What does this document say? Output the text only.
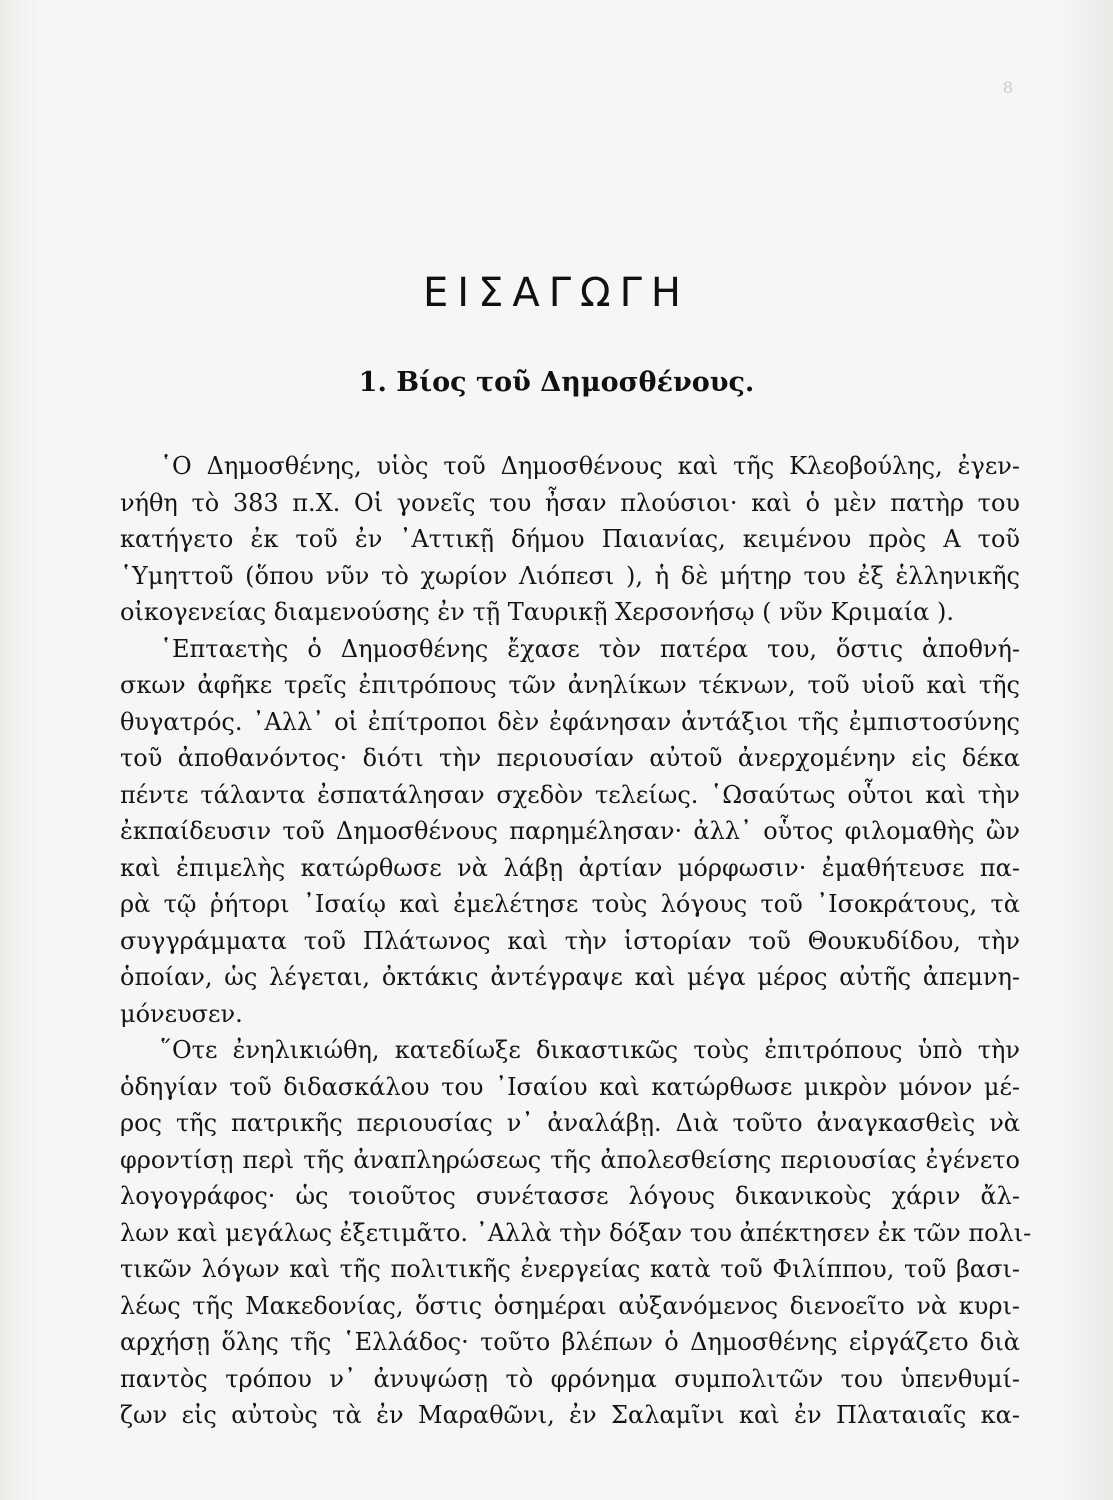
8
ΕΙΣΑΓΩΓΗ
1. Βίος τοῦ Δημοσθένους.
῾Ο Δημοσθένης, υἱὸς τοῦ Δημοσθένους καὶ τῆς Κλεοβούλης, ἐγεν-
νήθη τὸ 383 π.Χ. Οἱ γονεῖς του ἦσαν πλούσιοι· καὶ ὁ μὲν πατὴρ του
κατήγετο ἐκ τοῦ ἐν ᾿Αττικῇ δήμου Παιανίας, κειμένου πρὸς Α τοῦ
῾Υμηττοῦ (ὅπου νῦν τὸ χωρίον Λιόπεσι ), ἡ δὲ μήτηρ του ἐξ ἑλληνικῆς
οἰκογενείας διαμενούσης ἐν τῇ Ταυρικῇ Χερσονήσῳ ( νῦν Κριμαία ).
῾Επταετὴς ὁ Δημοσθένης ἔχασε τὸν πατέρα του, ὅστις ἀποθνή-
σκων ἀφῆκε τρεῖς ἐπιτρόπους τῶν ἀνηλίκων τέκνων, τοῦ υἱοῦ καὶ τῆς
θυγατρός. ᾿Αλλ᾿ οἱ ἐπίτροποι δὲν ἐφάνησαν ἀντάξιοι τῆς ἐμπιστοσύνης
τοῦ ἀποθανόντος· διότι τὴν περιουσίαν αὐτοῦ ἀνερχομένην εἰς δέκα
πέντε τάλαντα ἐσπατάλησαν σχεδὸν τελείως. ῾Ωσαύτως οὗτοι καὶ τὴν
ἐκπαίδευσιν τοῦ Δημοσθένους παρημέλησαν· ἀλλ᾿ οὗτος φιλομαθὴς ὢν
καὶ ἐπιμελὴς κατώρθωσε νὰ λάβῃ ἀρτίαν μόρφωσιν· ἐμαθήτευσε πα-
ρὰ τῷ ῥήτορι ᾿Ισαίῳ καὶ ἐμελέτησε τοὺς λόγους τοῦ ᾿Ισοκράτους, τὰ
συγγράμματα τοῦ Πλάτωνος καὶ τὴν ἱστορίαν τοῦ Θουκυδίδου, τὴν
ὁποίαν, ὡς λέγεται, ὀκτάκις ἀντέγραψε καὶ μέγα μέρος αὐτῆς ἀπεμνη-
μόνευσεν.
῞Οτε ἐνηλικιώθη, κατεδίωξε δικαστικῶς τοὺς ἐπιτρόπους ὑπὸ τὴν
ὁδηγίαν τοῦ διδασκάλου του ᾿Ισαίου καὶ κατώρθωσε μικρὸν μόνον μέ-
ρος τῆς πατρικῆς περιουσίας ν᾿ ἀναλάβῃ. Διὰ τοῦτο ἀναγκασθεὶς νὰ
φροντίσῃ περὶ τῆς ἀναπληρώσεως τῆς ἀπολεσθείσης περιουσίας ἐγένετο
λογογράφος· ὡς τοιοῦτος συνέτασσε λόγους δικανικοὺς χάριν ἄλ-
λων καὶ μεγάλως ἐξετιμᾶτο. ᾿Αλλὰ τὴν δόξαν του ἀπέκτησεν ἐκ τῶν πολι-
τικῶν λόγων καὶ τῆς πολιτικῆς ἐνεργείας κατὰ τοῦ Φιλίππου, τοῦ βασι-
λέως τῆς Μακεδονίας, ὅστις ὁσημέραι αὐξανόμενος διενοεῖτο νὰ κυρι-
αρχήσῃ ὅλης τῆς ῾Ελλάδος· τοῦτο βλέπων ὁ Δημοσθένης εἰργάζετο διὰ
παντὸς τρόπου ν᾿ ἀνυψώσῃ τὸ φρόνημα συμπολιτῶν του ὑπενθυμί-
ζων εἰς αὐτοὺς τὰ ἐν Μαραθῶνι, ἐν Σαλαμῖνι καὶ ἐν Πλαταιαῖς κα-
